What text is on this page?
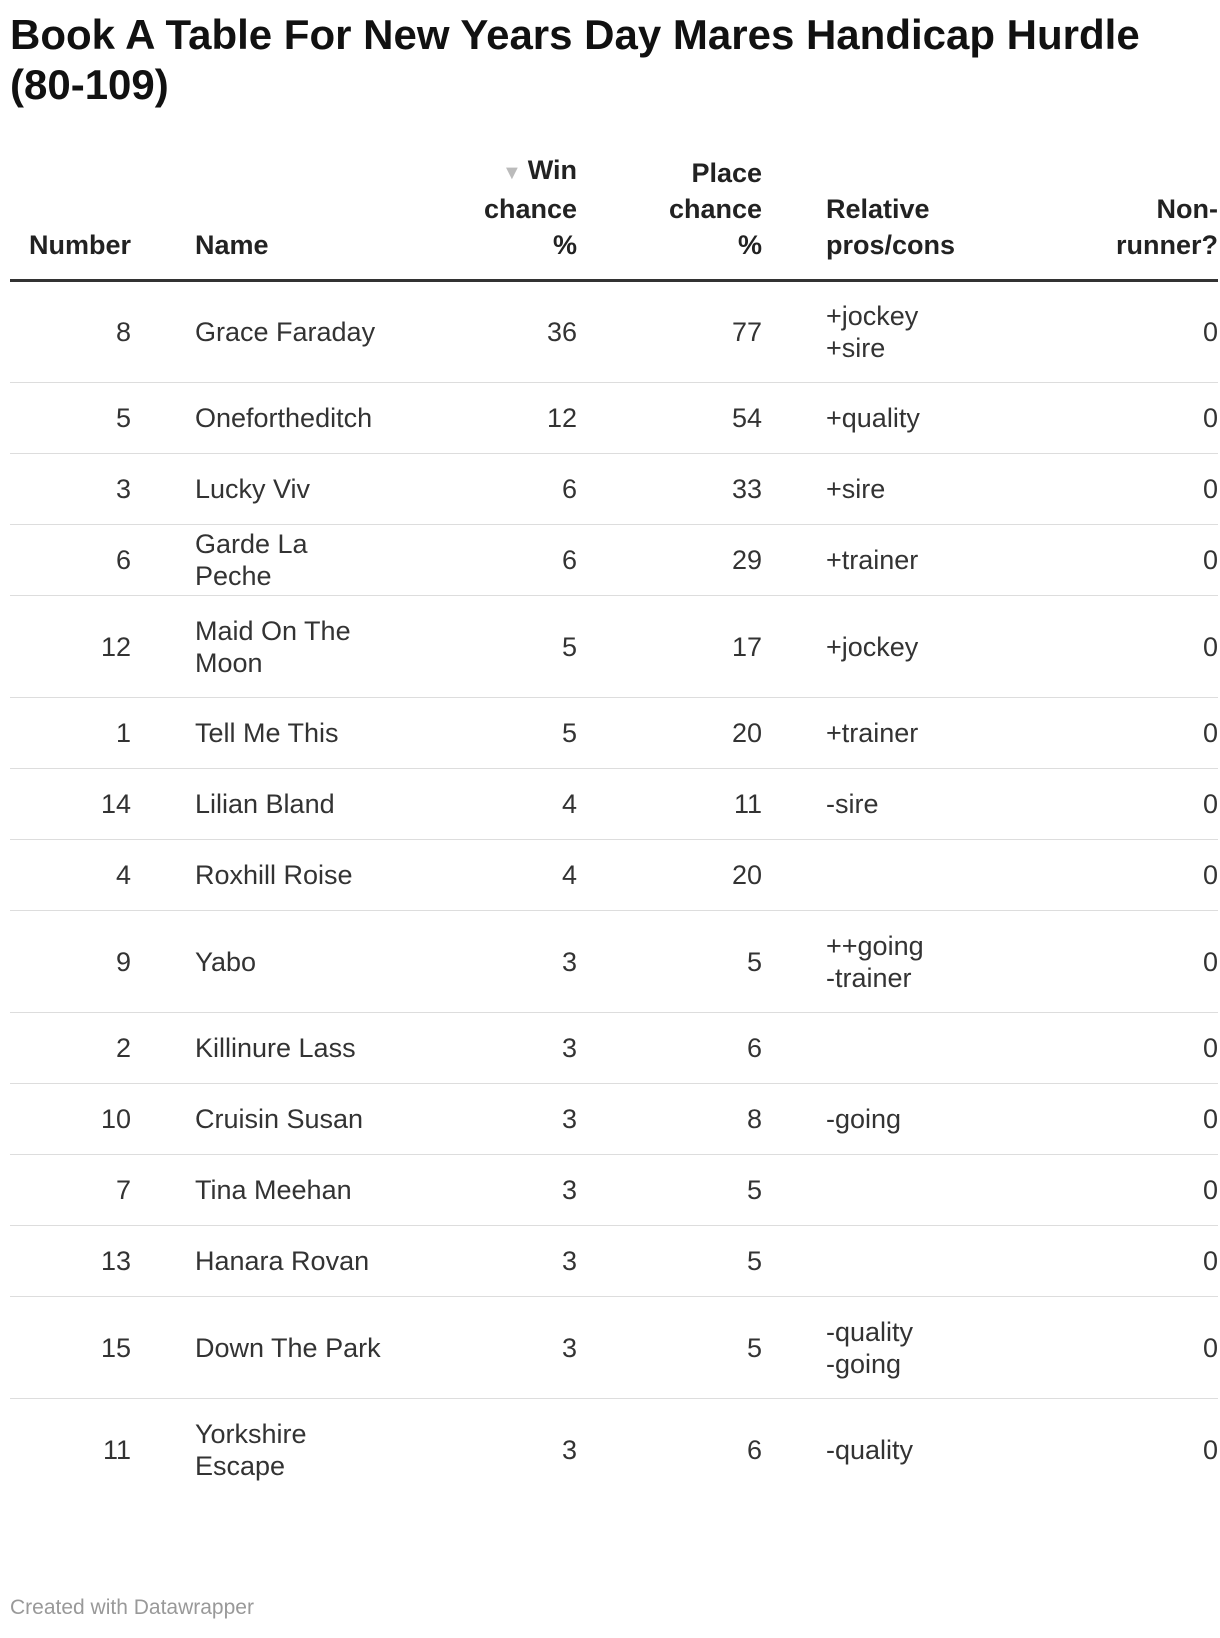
Book A Table For New Years Day Mares Handicap Hurdle (80-109)
Number	Name	▼ Win
chance
%	Place
chance
%	Relative
pros/cons	Non-
runner?

8	Grace Faraday	36	77	+jockey
+sire	0
5	Onefortheditch	12	54	+quality	0
3	Lucky Viv	6	33	+sire	0
6	Garde La Peche	6	29	+trainer	0
12	Maid On The
Moon	5	17	+jockey	0
1	Tell Me This	5	20	+trainer	0
14	Lilian Bland	4	11	-sire	0
4	Roxhill Roise	4	20		0
9	Yabo	3	5	++going
-trainer	0
2	Killinure Lass	3	6		0
10	Cruisin Susan	3	8	-going	0
7	Tina Meehan	3	5		0
13	Hanara Rovan	3	5		0
15	Down The Park	3	5	-quality
-going	0
11	Yorkshire
Escape	3	6	-quality	0
Created with Datawrapper
